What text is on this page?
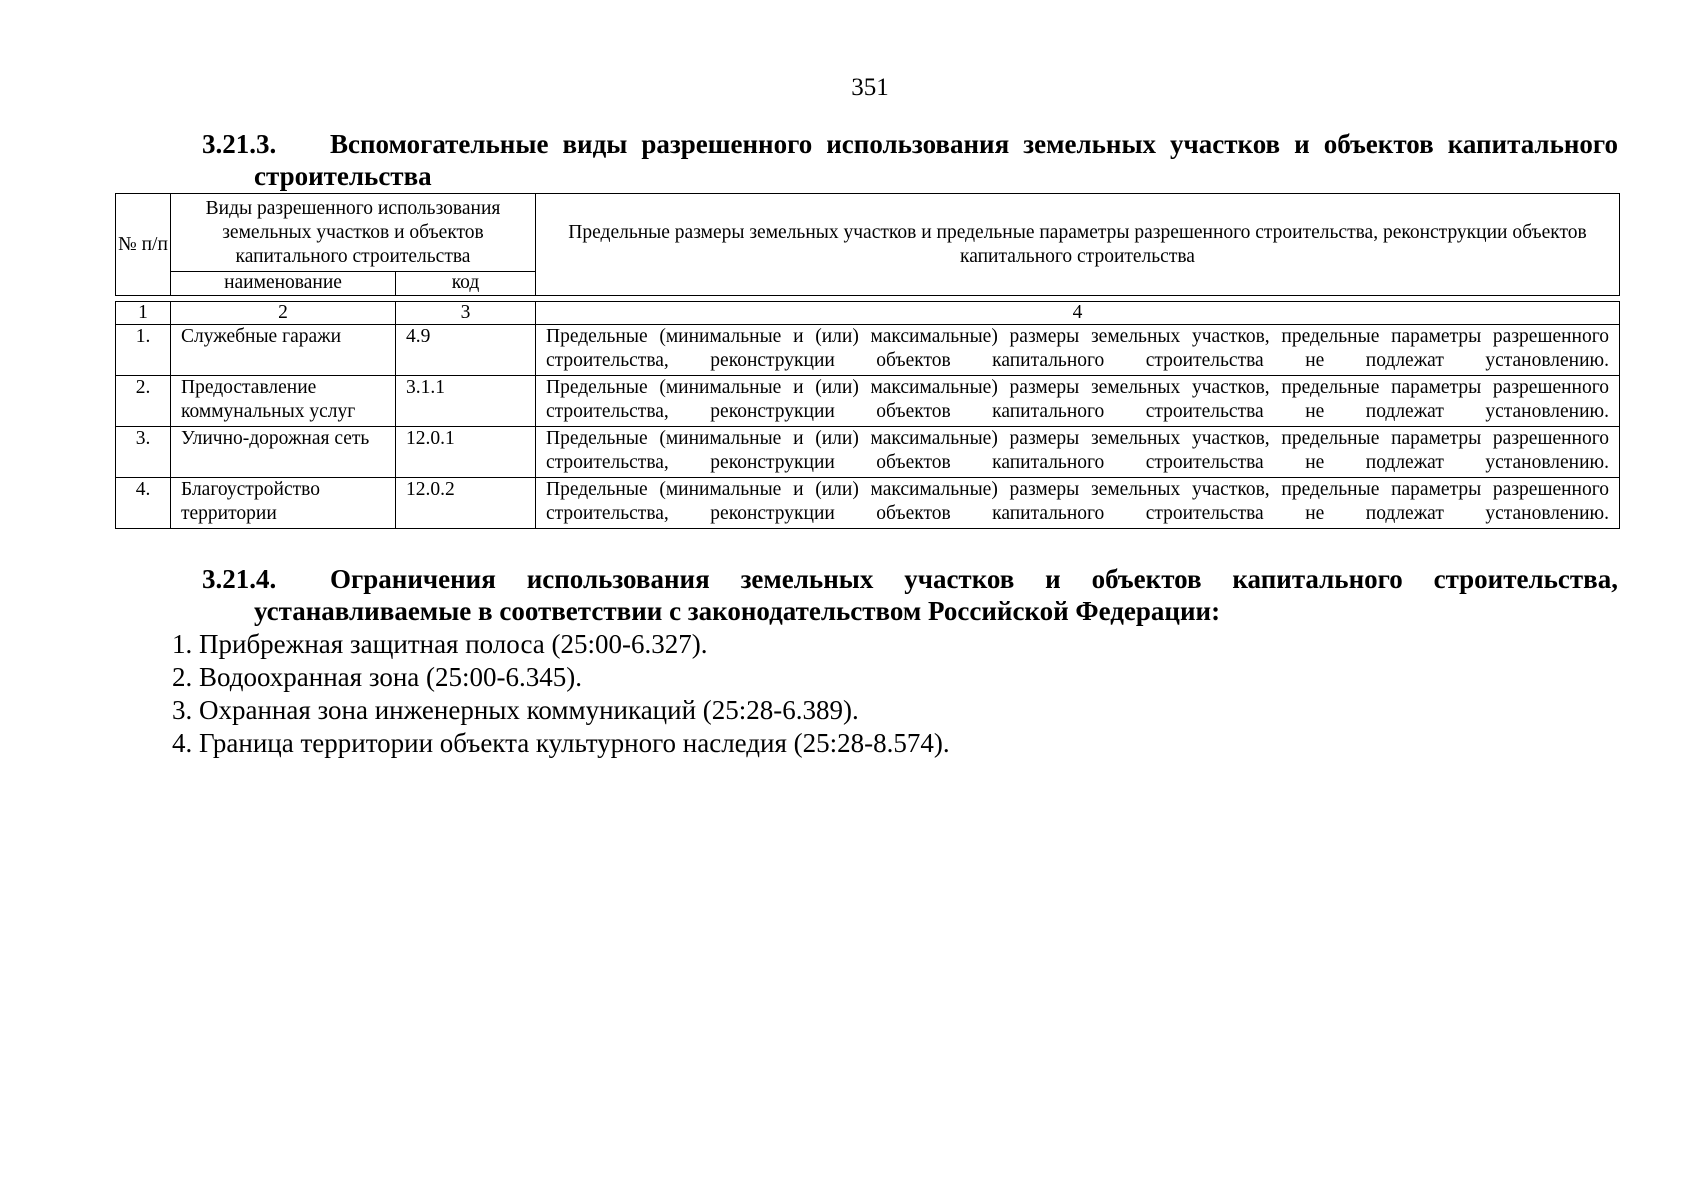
351
3.21.3. Вспомогательные виды разрешенного использования земельных участков и объектов капитального
строительства
№ п/п	Виды разрешенного использования земельных участков и объектов капитального строительства		Предельные размеры земельных участков и предельные параметры разрешенного строительства, реконструкции объектов капитального строительства
	наименование	код	
1	2	3	4
1.	Служебные гаражи	4.9	Предельные (минимальные и (или) максимальные) размеры земельных участков, предельные параметры разрешенного строительства, реконструкции объектов капитального строительства не подлежат установлению.
2.	Предоставление коммунальных услуг	3.1.1	Предельные (минимальные и (или) максимальные) размеры земельных участков, предельные параметры разрешенного строительства, реконструкции объектов капитального строительства не подлежат установлению.
3.	Улично-дорожная сеть	12.0.1	Предельные (минимальные и (или) максимальные) размеры земельных участков, предельные параметры разрешенного строительства, реконструкции объектов капитального строительства не подлежат установлению.
4.	Благоустройство территории	12.0.2	Предельные (минимальные и (или) максимальные) размеры земельных участков, предельные параметры разрешенного строительства, реконструкции объектов капитального строительства не подлежат установлению.
3.21.4. Ограничения использования земельных участков и объектов капитального строительства,
устанавливаемые в соответствии с законодательством Российской Федерации:
1. Прибрежная защитная полоса (25:00-6.327).
2. Водоохранная зона (25:00-6.345).
3. Охранная зона инженерных коммуникаций (25:28-6.389).
4. Граница территории объекта культурного наследия (25:28-8.574).
